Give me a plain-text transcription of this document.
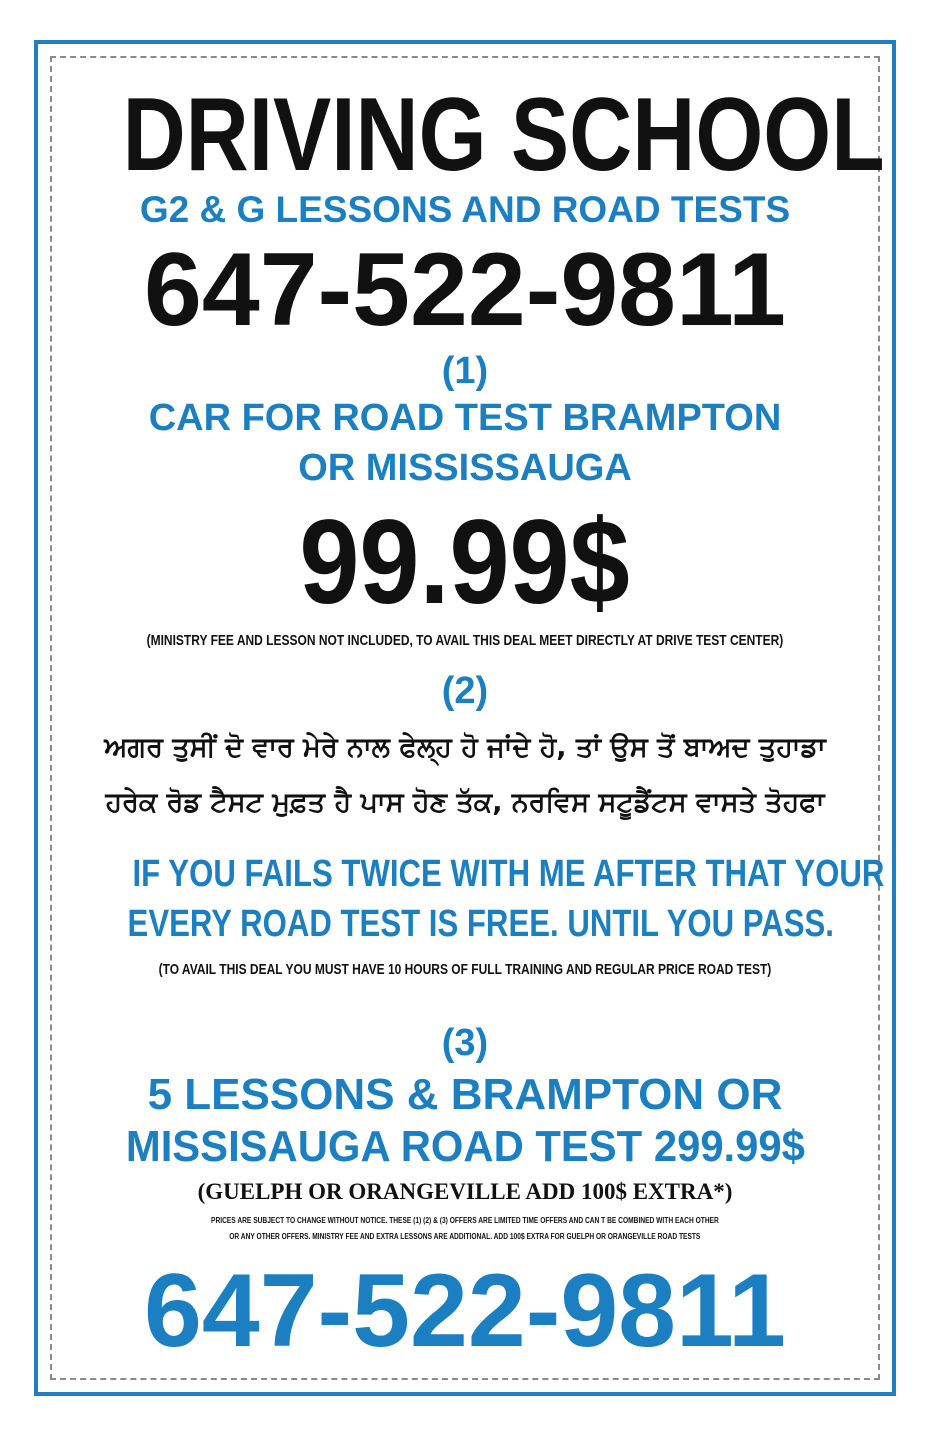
DRIVING SCHOOL

G2 & G LESSONS AND ROAD TESTS

647-522-9811

(1)

CAR FOR ROAD TEST BRAMPTON

OR MISSISSAUGA

99.99$

(MINISTRY FEE AND LESSON NOT INCLUDED, TO AVAIL THIS DEAL MEET DIRECTLY AT DRIVE TEST CENTER)

(2)

ਅਗਰ ਤੁਸੀਂ ਦੋ ਵਾਰ ਮੇਰੇ ਨਾਲ ਫੇਲ੍ਹ ਹੋ ਜਾਂਦੇ ਹੋ, ਤਾਂ ਉਸ ਤੋਂ ਬਾਅਦ ਤੁਹਾਡਾ

ਹਰੇਕ ਰੋਡ ਟੈਸਟ ਮੁਫ਼ਤ ਹੈ ਪਾਸ ਹੋਣ ਤੱਕ, ਨਰਵਿਸ ਸਟੂਡੈਂਟਸ ਵਾਸਤੇ ਤੋਹਫਾ

IF YOU FAILS TWICE WITH ME AFTER THAT YOUR

EVERY ROAD TEST IS FREE. UNTIL YOU PASS.

(TO AVAIL THIS DEAL YOU MUST HAVE 10 HOURS OF FULL TRAINING AND REGULAR PRICE ROAD TEST)

(3)

5 LESSONS & BRAMPTON OR

MISSISAUGA ROAD TEST 299.99$

(GUELPH OR ORANGEVILLE ADD 100$ EXTRA*)

PRICES ARE SUBJECT TO CHANGE WITHOUT NOTICE. THESE (1) (2) & (3) OFFERS ARE LIMITED TIME OFFERS AND CAN T BE COMBINED WITH EACH OTHER

OR ANY OTHER OFFERS. MINISTRY FEE AND EXTRA LESSONS ARE ADDITIONAL. ADD 100$ EXTRA FOR GUELPH OR ORANGEVILLE ROAD TESTS

647-522-9811
